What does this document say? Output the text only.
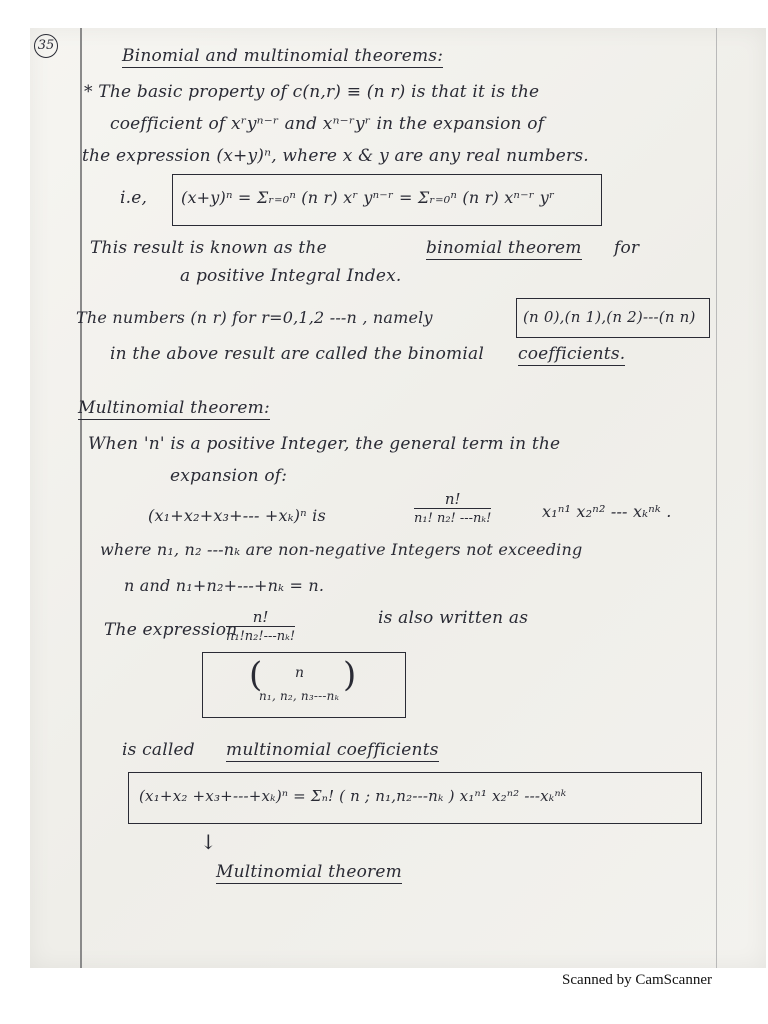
35
Binomial and multinomial theorems:
* The basic property of c(n,r) ≡ (n r) is that it is the
coefficient of xʳyⁿ⁻ʳ and xⁿ⁻ʳyʳ in the expansion of
the expression (x+y)ⁿ, where x & y are any real numbers.
i.e, (x+y)ⁿ = Σᵣ₌₀ⁿ (n r) xʳ yⁿ⁻ʳ = Σᵣ₌₀ⁿ (n r) xⁿ⁻ʳ yʳ
This result is known as the	binomial theorem for
a positive Integral Index.
The numbers (n r) for r=0,1,2 ---n , namely	(n 0),(n 1),(n 2)---(n n)
in the above result are called the binomial coefficients.
Multinomial theorem:
When 'n' is a positive Integer, the general term in the
expansion of:
(x₁+x₂+x₃+--- +xₖ)ⁿ is	$\frac{n!}{\text{n₁! n₂! ---nₖ!}}$	x₁ⁿ¹ x₂ⁿ² --- xₖⁿᵏ .
where n₁, n₂ ---nₖ are non-negative Integers not exceeding
n and n₁+n₂+---+nₖ = n.
The expression
$\frac{n!}{\text{n₁!n₂!---nₖ!}}$	is also written as
( )
n
n₁, n₂, n₃---nₖ
is called multinomial coefficients
(x₁+x₂ +x₃+---+xₖ)ⁿ = Σₙ! ( n ; n₁,n₂---nₖ ) x₁ⁿ¹ x₂ⁿ² ---xₖⁿᵏ
↓
Multinomial theorem
Scanned by CamScanner
